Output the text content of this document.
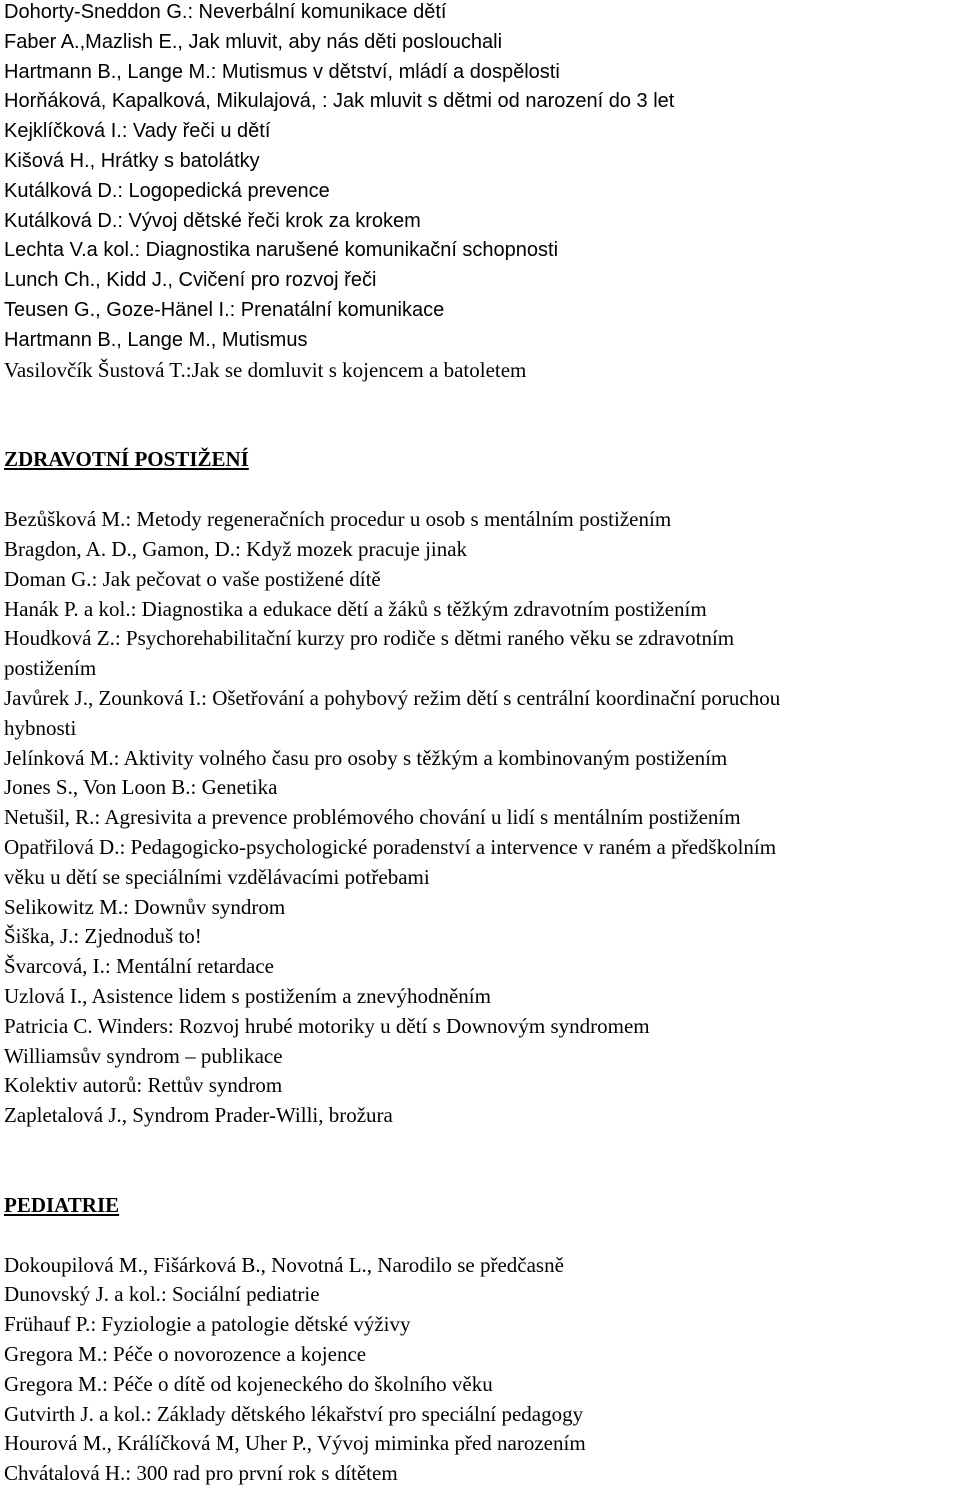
Dohorty-Sneddon G.: Neverbální komunikace dětí
Faber A.,Mazlish E., Jak mluvit, aby nás děti poslouchali
Hartmann B., Lange M.: Mutismus v dětství, mládí a dospělosti
Horňáková, Kapalková, Mikulajová, : Jak mluvit s dětmi od narození do 3 let
Kejklíčková I.: Vady řeči u dětí
Kišová H., Hrátky s batolátky
Kutálková D.: Logopedická prevence
Kutálková D.: Vývoj dětské řeči krok za krokem
Lechta V.a kol.: Diagnostika narušené komunikační schopnosti
Lunch Ch., Kidd J., Cvičení pro rozvoj řeči
Teusen G., Goze-Hänel I.: Prenatální komunikace
Hartmann B., Lange M., Mutismus
Vasilovčík Šustová T.:Jak se domluvit s kojencem a batoletem
ZDRAVOTNÍ POSTIŽENÍ
Bezůšková M.: Metody regeneračních procedur u osob s mentálním postižením
Bragdon, A. D., Gamon, D.: Když mozek pracuje jinak
Doman G.: Jak pečovat o vaše postižené dítě
Hanák P. a kol.: Diagnostika a edukace dětí a žáků s těžkým zdravotním postižením
Houdková Z.: Psychorehabilitační kurzy pro rodiče s dětmi raného věku se zdravotním
postižením
Javůrek J., Zounková I.: Ošetřování a pohybový režim dětí s centrální koordinační poruchou
hybnosti
Jelínková M.: Aktivity volného času pro osoby s těžkým a kombinovaným postižením
Jones S., Von Loon B.: Genetika
Netušil, R.: Agresivita a prevence problémového chování u lidí s mentálním postižením
Opatřilová D.: Pedagogicko-psychologické poradenství a intervence v raném a předškolním
věku u dětí se speciálními vzdělávacími potřebami
Selikowitz M.: Downův syndrom
Šiška, J.: Zjednoduš to!
Švarcová, I.: Mentální retardace
Uzlová I., Asistence lidem s postižením a znevýhodněním
Patricia C. Winders: Rozvoj hrubé motoriky u dětí s Downovým syndromem
Williamsův syndrom – publikace
Kolektiv autorů: Rettův syndrom
Zapletalová J., Syndrom Prader-Willi, brožura
PEDIATRIE
Dokoupilová M., Fišárková B., Novotná L., Narodilo se předčasně
Dunovský J. a kol.: Sociální pediatrie
Frühauf P.: Fyziologie a patologie dětské výživy
Gregora M.: Péče o novorozence a kojence
Gregora M.: Péče o dítě od kojeneckého do školního věku
Gutvirth J. a kol.: Základy dětského lékařství pro speciální pedagogy
Hourová M., Králíčková M, Uher P., Vývoj miminka před narozením
Chvátalová H.: 300 rad pro první rok s dítětem
